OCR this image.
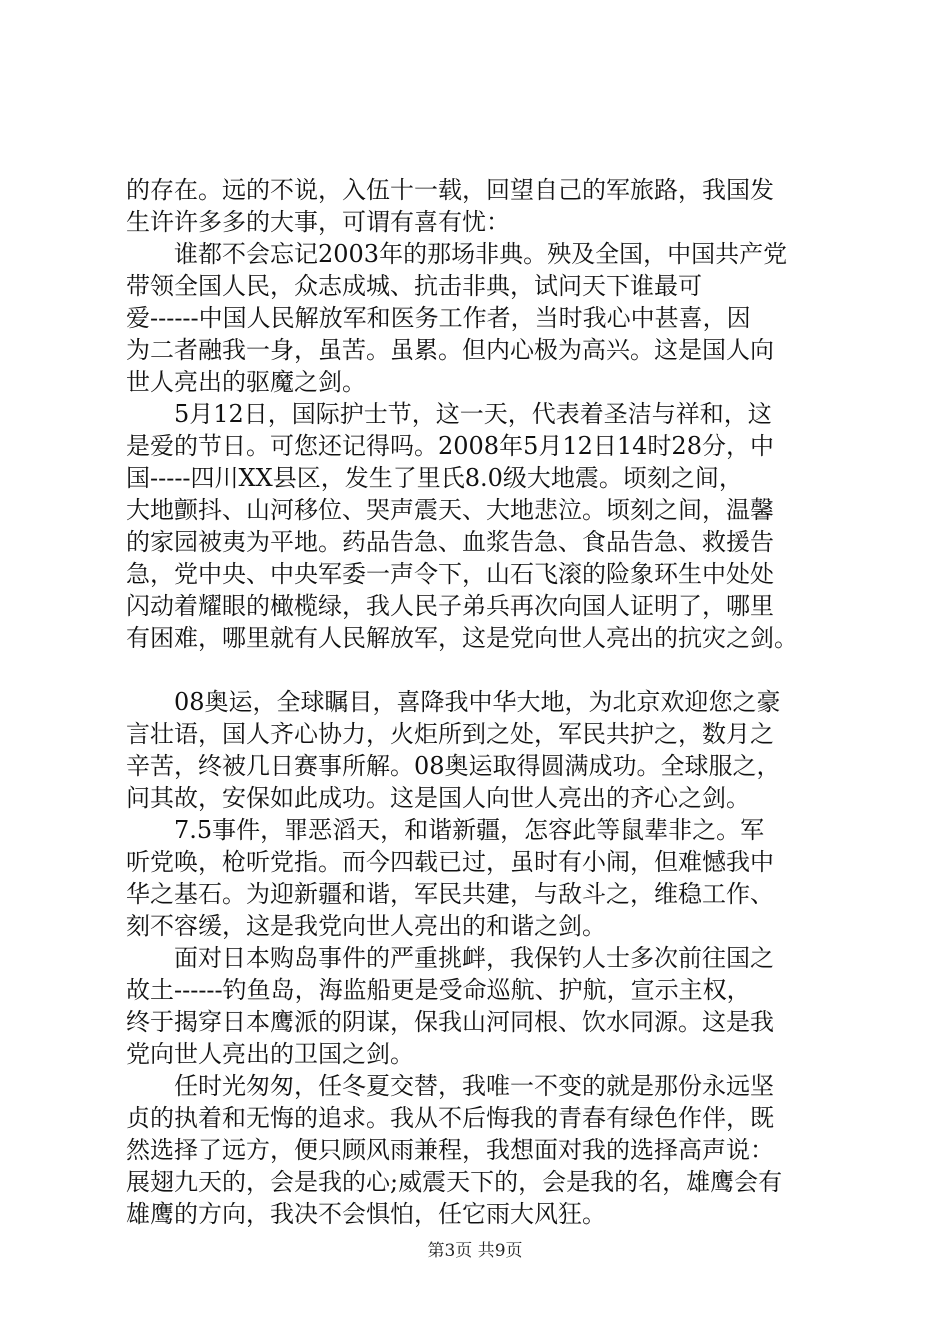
的存在。远的不说，入伍十一载，回望自己的军旅路，我国发
生许许多多的大事，可谓有喜有忧：
　　谁都不会忘记2003年的那场非典。殃及全国，中国共产党
带领全国人民，众志成城、抗击非典，试问天下谁最可
爱------中国人民解放军和医务工作者，当时我心中甚喜，因
为二者融我一身，虽苦。虽累。但内心极为高兴。这是国人向
世人亮出的驱魔之剑。
　　5月12日，国际护士节，这一天，代表着圣洁与祥和，这
是爱的节日。可您还记得吗。2008年5月12日14时28分，中
国-----四川XX县区，发生了里氏8.0级大地震。顷刻之间，
大地颤抖、山河移位、哭声震天、大地悲泣。顷刻之间，温馨
的家园被夷为平地。药品告急、血浆告急、食品告急、救援告
急，党中央、中央军委一声令下，山石飞滚的险象环生中处处
闪动着耀眼的橄榄绿，我人民子弟兵再次向国人证明了，哪里
有困难，哪里就有人民解放军，这是党向世人亮出的抗灾之剑。
　　08奥运，全球瞩目，喜降我中华大地，为北京欢迎您之豪
言壮语，国人齐心协力，火炬所到之处，军民共护之，数月之
辛苦，终被几日赛事所解。08奥运取得圆满成功。全球服之，
问其故，安保如此成功。这是国人向世人亮出的齐心之剑。
　　7.5事件，罪恶滔天，和谐新疆，怎容此等鼠辈非之。军
听党唤，枪听党指。而今四载已过，虽时有小闹，但难憾我中
华之基石。为迎新疆和谐，军民共建，与敌斗之，维稳工作、
刻不容缓，这是我党向世人亮出的和谐之剑。
　　面对日本购岛事件的严重挑衅，我保钓人士多次前往国之
故土------钓鱼岛，海监船更是受命巡航、护航，宣示主权，
终于揭穿日本鹰派的阴谋，保我山河同根、饮水同源。这是我
党向世人亮出的卫国之剑。
　　任时光匆匆，任冬夏交替，我唯一不变的就是那份永远坚
贞的执着和无悔的追求。我从不后悔我的青春有绿色作伴，既
然选择了远方，便只顾风雨兼程，我想面对我的选择高声说：
展翅九天的，会是我的心;威震天下的，会是我的名，雄鹰会有
雄鹰的方向，我决不会惧怕，任它雨大风狂。
第3页 共9页
